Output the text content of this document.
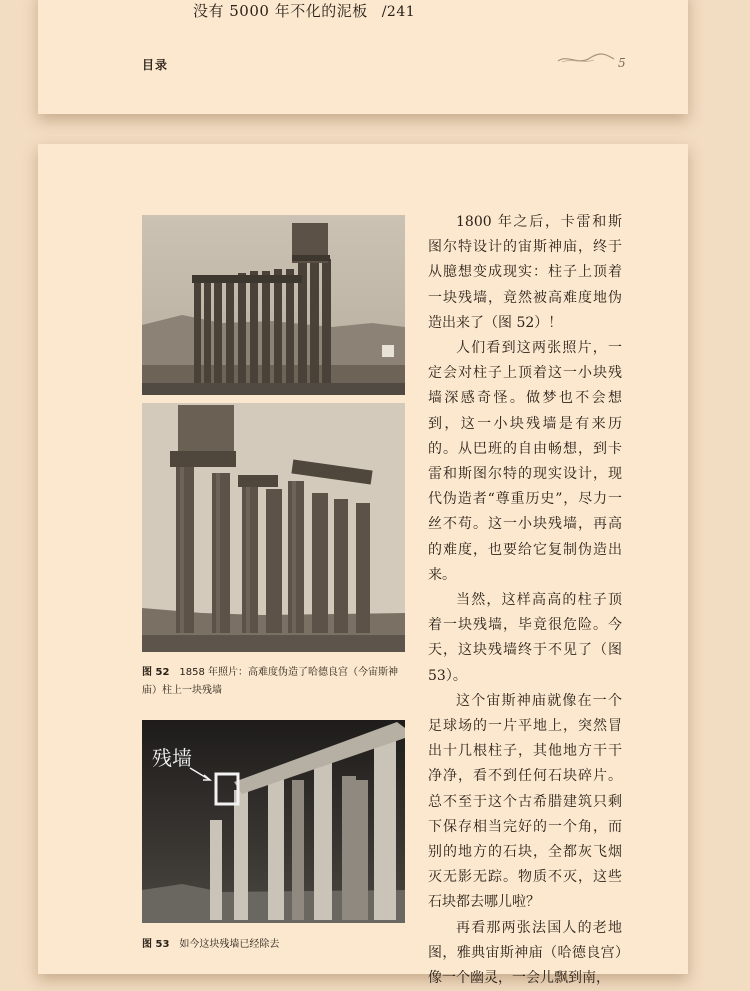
没有 5000 年不化的泥板 /241
目录	5
图 52 1858 年照片：高难度伪造了哈德良宫（今宙斯神庙）柱上一块残墙
残墙
图 53 如今这块残墙已经除去

1800 年之后，卡雷和斯图尔特设计的宙斯神庙，终于从臆想变成现实：柱子上顶着一块残墙，竟然被高难度地伪造出来了（图 52）！

人们看到这两张照片，一定会对柱子上顶着这一小块残墙深感奇怪。做梦也不会想到，这一小块残墙是有来历的。从巴班的自由畅想，到卡雷和斯图尔特的现实设计，现代伪造者“尊重历史”，尽力一丝不苟。这一小块残墙，再高的难度，也要给它复制伪造出来。

当然，这样高高的柱子顶着一块残墙，毕竟很危险。今天，这块残墙终于不见了（图 53）。

这个宙斯神庙就像在一个足球场的一片平地上，突然冒出十几根柱子，其他地方干干净净，看不到任何石块碎片。总不至于这个古希腊建筑只剩下保存相当完好的一个角，而别的地方的石块，全都灰飞烟灭无影无踪。物质不灭，这些石块都去哪儿啦？

再看那两张法国人的老地图，雅典宙斯神庙（哈德良宫）像一个幽灵，一会儿飘到南，
